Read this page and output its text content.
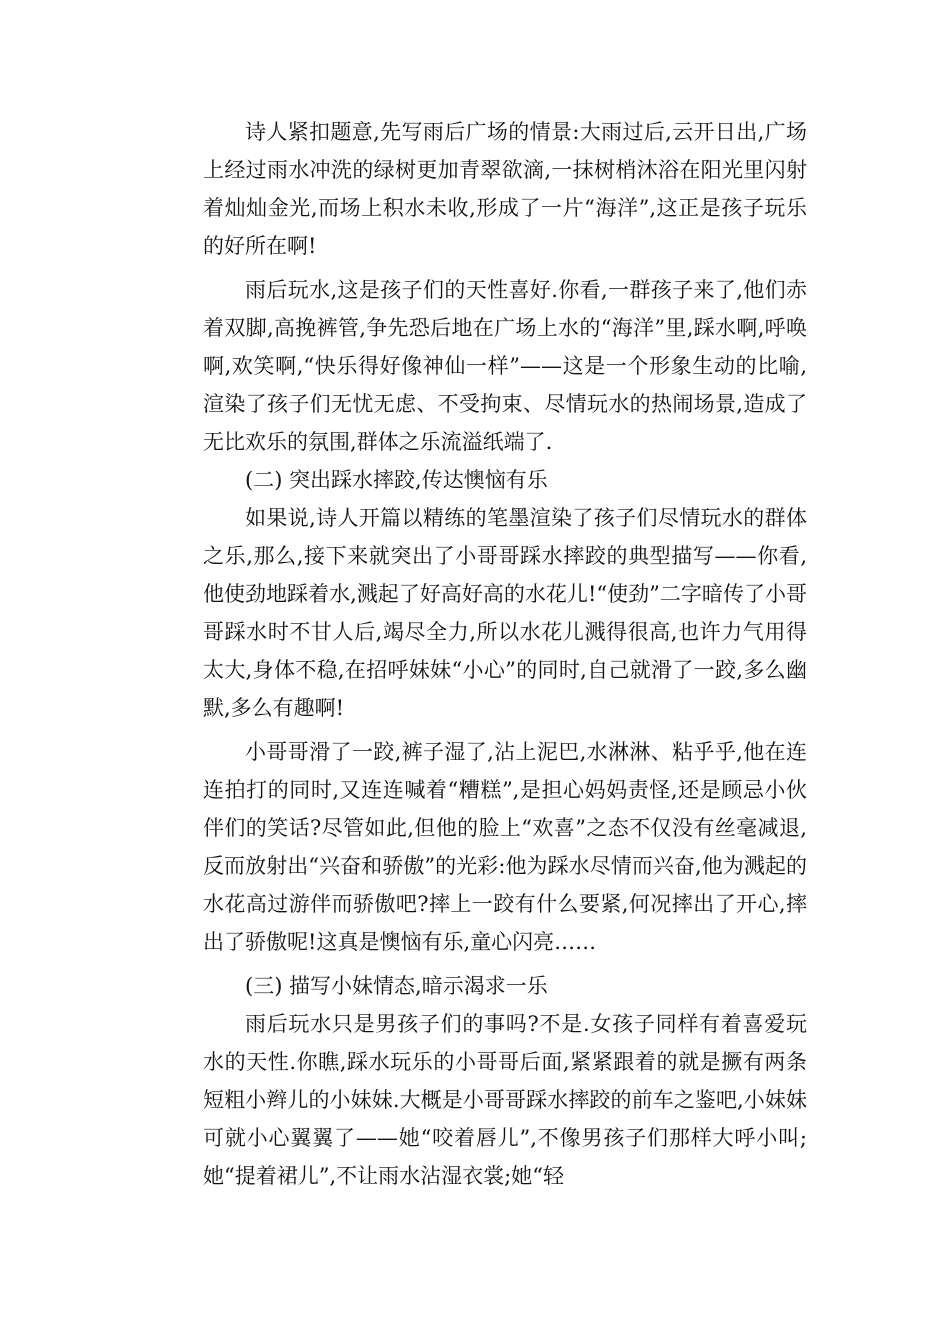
诗人紧扣题意,先写雨后广场的情景:大雨过后,云开日出,广场上经过雨水冲洗的绿树更加青翠欲滴,一抹树梢沐浴在阳光里闪射着灿灿金光,而场上积水未收,形成了一片“海洋”,这正是孩子玩乐的好所在啊!

雨后玩水,这是孩子们的天性喜好.你看,一群孩子来了,他们赤着双脚,高挽裤管,争先恐后地在广场上水的“海洋”里,踩水啊,呼唤啊,欢笑啊,“快乐得好像神仙一样”——这是一个形象生动的比喻,渲染了孩子们无忧无虑、不受拘束、尽情玩水的热闹场景,造成了无比欢乐的氛围,群体之乐流溢纸端了.

(二) 突出踩水摔跤,传达懊恼有乐

如果说,诗人开篇以精练的笔墨渲染了孩子们尽情玩水的群体之乐,那么,接下来就突出了小哥哥踩水摔跤的典型描写——你看,他使劲地踩着水,溅起了好高好高的水花儿!“使劲”二字暗传了小哥哥踩水时不甘人后,竭尽全力,所以水花儿溅得很高,也许力气用得太大,身体不稳,在招呼妹妹“小心”的同时,自己就滑了一跤,多么幽默,多么有趣啊!

小哥哥滑了一跤,裤子湿了,沾上泥巴,水淋淋、粘乎乎,他在连连拍打的同时,又连连喊着“糟糕”,是担心妈妈责怪,还是顾忌小伙伴们的笑话?尽管如此,但他的脸上“欢喜”之态不仅没有丝毫减退,反而放射出“兴奋和骄傲”的光彩:他为踩水尽情而兴奋,他为溅起的水花高过游伴而骄傲吧?摔上一跤有什么要紧,何况摔出了开心,摔出了骄傲呢!这真是懊恼有乐,童心闪亮……

(三) 描写小妹情态,暗示渴求一乐

雨后玩水只是男孩子们的事吗?不是.女孩子同样有着喜爱玩水的天性.你瞧,踩水玩乐的小哥哥后面,紧紧跟着的就是撅有两条短粗小辫儿的小妹妹.大概是小哥哥踩水摔跤的前车之鉴吧,小妹妹可就小心翼翼了——她“咬着唇儿”,不像男孩子们那样大呼小叫;她“提着裙儿”,不让雨水沾湿衣裳;她“轻
